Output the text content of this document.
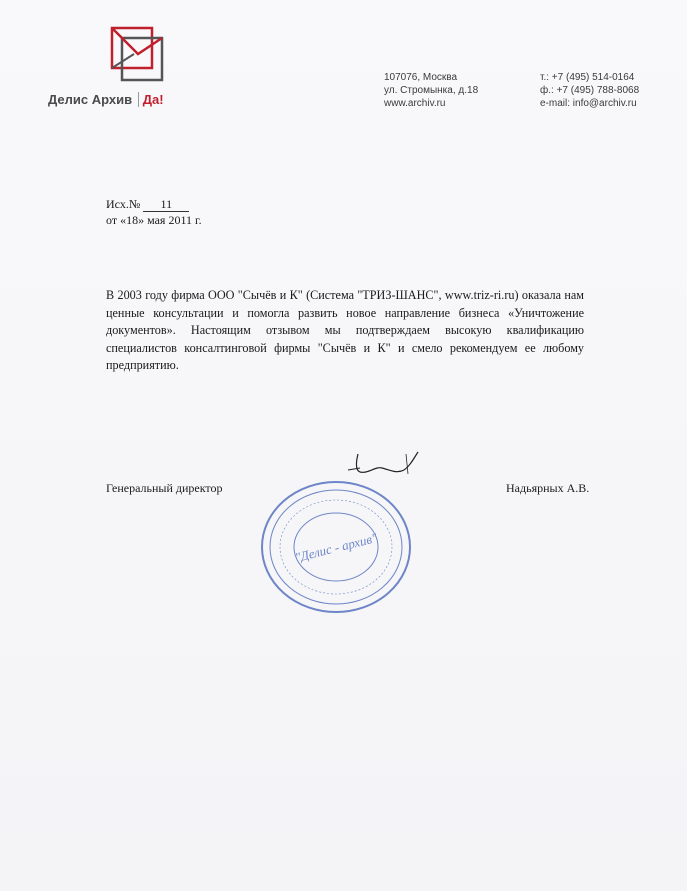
Делис Архив Да!
107076, Москва
ул. Стромынка, д.18
www.archiv.ru
т.: +7 (495) 514-0164
ф.: +7 (495) 788-8068
e-mail: info@archiv.ru
Исх.№ 11
от «18» мая 2011 г.
В 2003 году фирма ООО "Сычёв и К" (Система "ТРИЗ-ШАНС", www.triz-ri.ru) оказала нам ценные консультации и помогла развить новое направление бизнеса «Уничтожение документов». Настоящим отзывом мы подтверждаем высокую квалификацию специалистов консалтинговой фирмы "Сычёв и К" и смело рекомендуем ее любому предприятию.
Генеральный директор	Надьярных А.В.
"Делис - архив"
